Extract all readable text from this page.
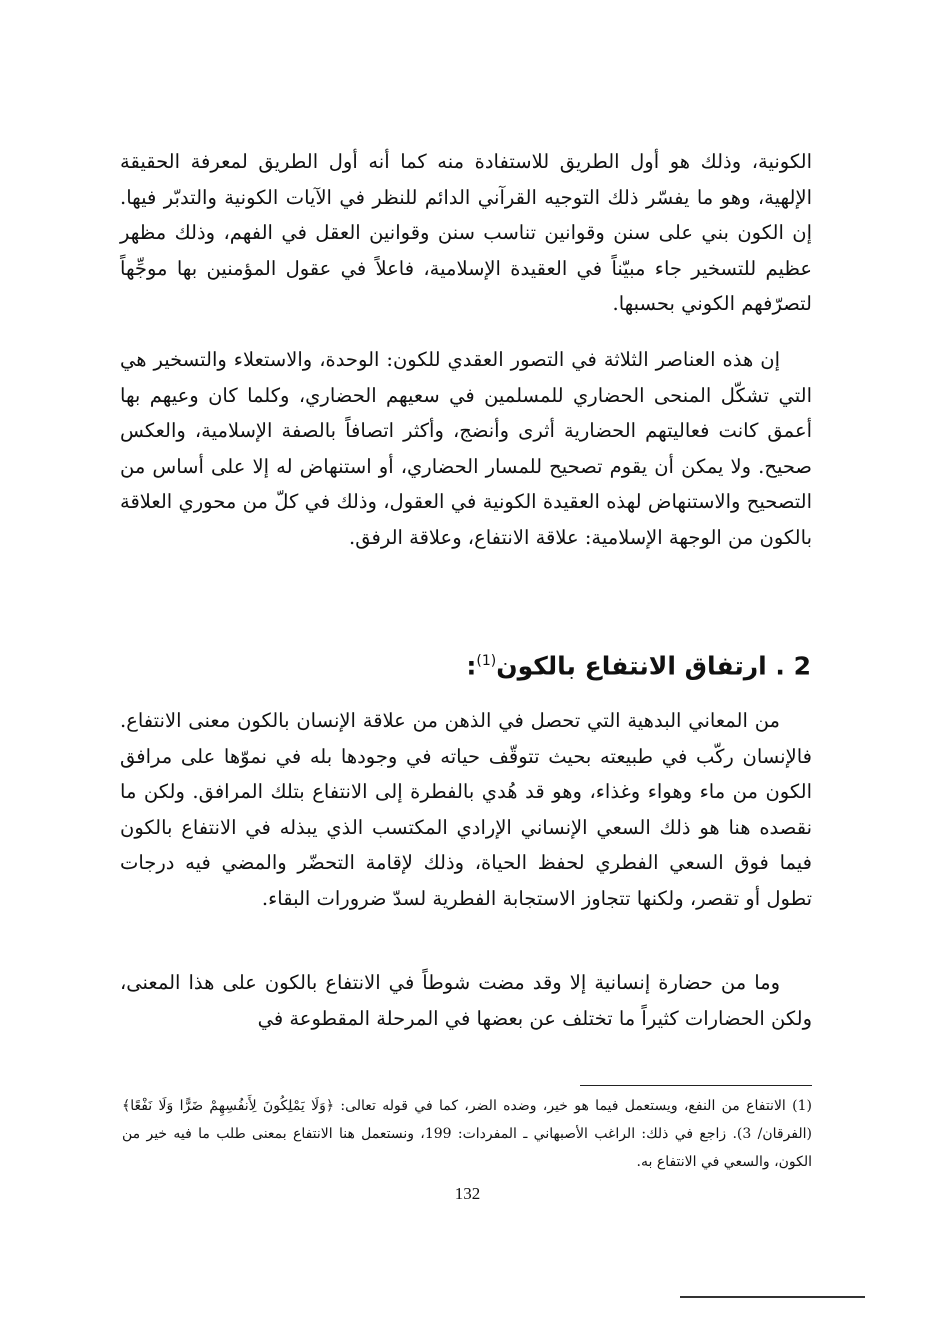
الكونية، وذلك هو أول الطريق للاستفادة منه كما أنه أول الطريق لمعرفة الحقيقة الإلهية، وهو ما يفسّر ذلك التوجيه القرآني الدائم للنظر في الآيات الكونية والتدبّر فيها. إن الكون بني على سنن وقوانين تناسب سنن وقوانين العقل في الفهم، وذلك مظهر عظيم للتسخير جاء مبيّناً في العقيدة الإسلامية، فاعلاً في عقول المؤمنين بها موجِّهاً لتصرّفهم الكوني بحسبها.

إن هذه العناصر الثلاثة في التصور العقدي للكون: الوحدة، والاستعلاء والتسخير هي التي تشكّل المنحى الحضاري للمسلمين في سعيهم الحضاري، وكلما كان وعيهم بها أعمق كانت فعاليتهم الحضارية أثرى وأنضج، وأكثر اتصافاً بالصفة الإسلامية، والعكس صحيح. ولا يمكن أن يقوم تصحيح للمسار الحضاري، أو استنهاض له إلا على أساس من التصحيح والاستنهاض لهذه العقيدة الكونية في العقول، وذلك في كلّ من محوري العلاقة بالكون من الوجهة الإسلامية: علاقة الانتفاع، وعلاقة الرفق.

2 . ارتفاق الانتفاع بالكون$^{(1)}$:

من المعاني البدهية التي تحصل في الذهن من علاقة الإنسان بالكون معنى الانتفاع. فالإنسان ركّب في طبيعته بحيث تتوقّف حياته في وجودها بله في نموّها على مرافق الكون من ماء وهواء وغذاء، وهو قد هُدي بالفطرة إلى الانتفاع بتلك المرافق. ولكن ما نقصده هنا هو ذلك السعي الإنساني الإرادي المكتسب الذي يبذله في الانتفاع بالكون فيما فوق السعي الفطري لحفظ الحياة، وذلك لإقامة التحضّر والمضي فيه درجات تطول أو تقصر، ولكنها تتجاوز الاستجابة الفطرية لسدّ ضرورات البقاء.

وما من حضارة إنسانية إلا وقد مضت شوطاً في الانتفاع بالكون على هذا المعنى، ولكن الحضارات كثيراً ما تختلف عن بعضها في المرحلة المقطوعة في

(1) الانتفاع من النفع، ويستعمل فيما هو خير، وضده الضر، كما في قوله تعالى: ﴿وَلَا يَمْلِكُونَ لِأَنفُسِهِمْ ضَرًّا وَلَا نَفْعًا﴾ (الفرقان/ 3). زاجع في ذلك: الراغب الأصبهاني ـ المفردات: 199، ونستعمل هنا الانتفاع بمعنى طلب ما فيه خير من الكون، والسعي في الانتفاع به.

132
